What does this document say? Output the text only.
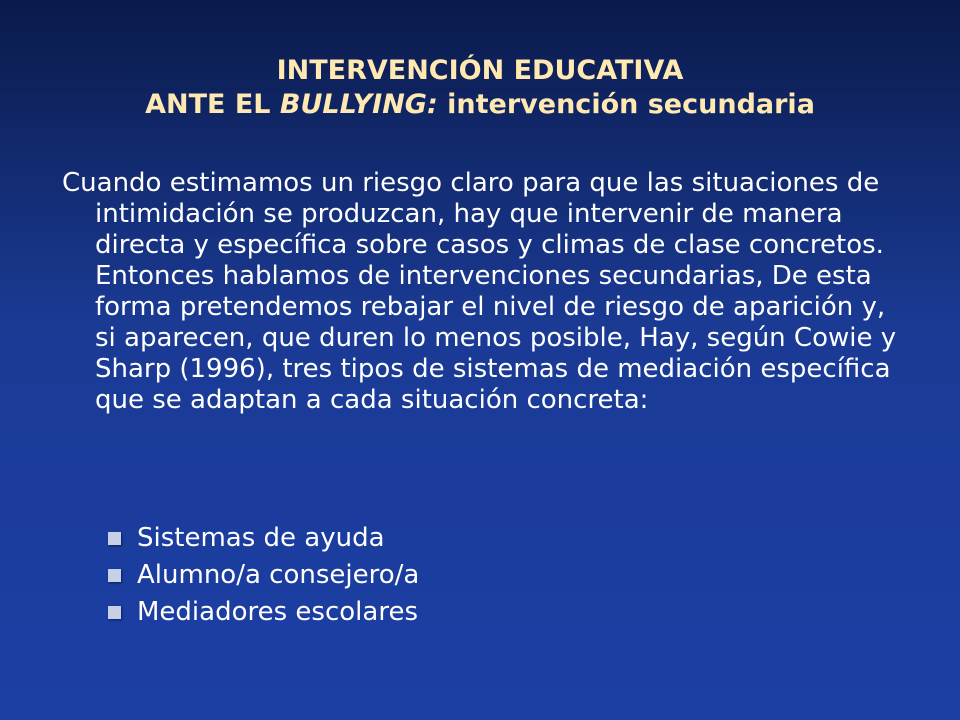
INTERVENCIÓN EDUCATIVA
ANTE EL BULLYING: intervención secundaria
Cuando estimamos un riesgo claro para que las situaciones de intimidación se produzcan, hay que intervenir de manera directa y específica sobre casos y climas de clase concretos. Entonces hablamos de intervenciones secundarias, De esta forma pretendemos rebajar el nivel de riesgo de aparición y, si aparecen, que duren lo menos posible, Hay, según Cowie y Sharp (1996), tres tipos de sistemas de mediación específica que se adaptan a cada situación concreta:
Sistemas de ayuda
Alumno/a consejero/a
Mediadores escolares
